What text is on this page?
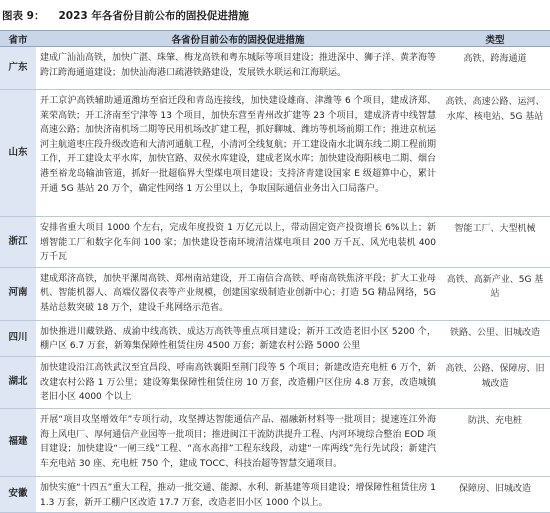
图表 9： 2023 年各省份目前公布的固投促进措施
省市	各省份目前公布的固投促进措施	类型
广东	建成广汕汕高铁，加快广湛、珠肇、梅龙高铁和粤东城际等项目建设；推进深中、狮子洋、黄茅海等跨江跨海通道建设；加快汕海港口疏港铁路建设，发展铁水联运和江海联运。	高铁、跨海通道
山东	开工京沪高铁辅助通道潍坊至宿迁段和青岛连接线，加快建设雄商、津潍等 6 个项目，建成济郑、莱荣高铁；开工济南至宁津等 13 个项目，加快东营至青州改扩建等 23 个项目，建成济青中线智慧高速公路；加快济南机场二期等民用机场改扩建工程，抓好聊城、潍坊等机场前期工作；推进京杭运河主航道枣庄段升级改造和大清河通航工程，小清河全线复航；开工建设南水北调东线二期工程前期工作，开工建设太平水库，加快官路、双侯水库建设，建成老岚水库；加快建设海阳核电二期、烟台港至裕龙岛输油管道，抓好一批超临界大型煤电项目建设；支持济青建设国家 E 级超算中心，累计开通 5G 基站 20 万个，确定性网络 1 万公里以上，争取国际通信业务出入口局落户。	高铁、高速公路、运河、水库、核电站、5G 基站
浙江	安排省重大项目 1000 个左右，完成年度投资 1 万亿元以上，带动固定资产投资增长 6%以上；新增智能工厂和数字化车间 100 家；加快建设苍南环境清洁煤电项目 200 万千瓦、风光电装机 400 万千瓦	智能工厂、大型机械
河南	建成郑济高铁，加快平漯周高铁、郑州南站建设，开工南信合高铁、呼南高铁焦济平段；扩大工业母机、智能机器人、高端仪器仪表等产业规模，创建国家级制造业创新中心；打造 5G 精品网络，5G 基站总数突破 18 万个，建设千兆网络示范省。	高铁、高新产业、5G 基站
四川	加快推进川藏铁路、成渝中线高铁、成达万高铁等重点项目建设；新开工改造老旧小区 5200 个，棚户区 6.7 万套，新筹集保障性租赁住房 4500 万套；新建农村公路 5000 公里	铁路、公里、旧城改造
湖北	加快建设沿江高铁武汉至宜昌段、呼南高铁襄阳至荆门段等 5 个项目；新建改造充电桩 6 万个，新改建农村公路 1 万公里；建设筹集保障性租赁住房 10 万套，改造棚户区住房 4.8 万套，改造城镇老旧小区 4000 个以上	高铁、公路、保障房、旧城改造
福建	开展“项目攻坚增效年”专项行动，攻坚搏达智能通信产品、福融新材料等一批项目；提速连江外海海上风电厂、厚何通信产业园等一批项目；推进闽江干流防洪提升工程、内河环境综合整治 EOD 项目建设；加快建设“一闸三线”工程、“高水高排”工程东线段，动建“一库两线”先行先试段；新建汽车充电站 30 座、充电桩 750 个，建成 TOCC、科技治超等智慧交通项目。	防洪、充电桩
安徽	加快实施“十四五”重大工程，推动一批交通、能源、水利、新基建等项目建设；增保障性租赁住房 11.3 万套，新开工棚户区改造 17.7 万套，改造老旧小区 1000 个以上。	保障房、旧城改造
